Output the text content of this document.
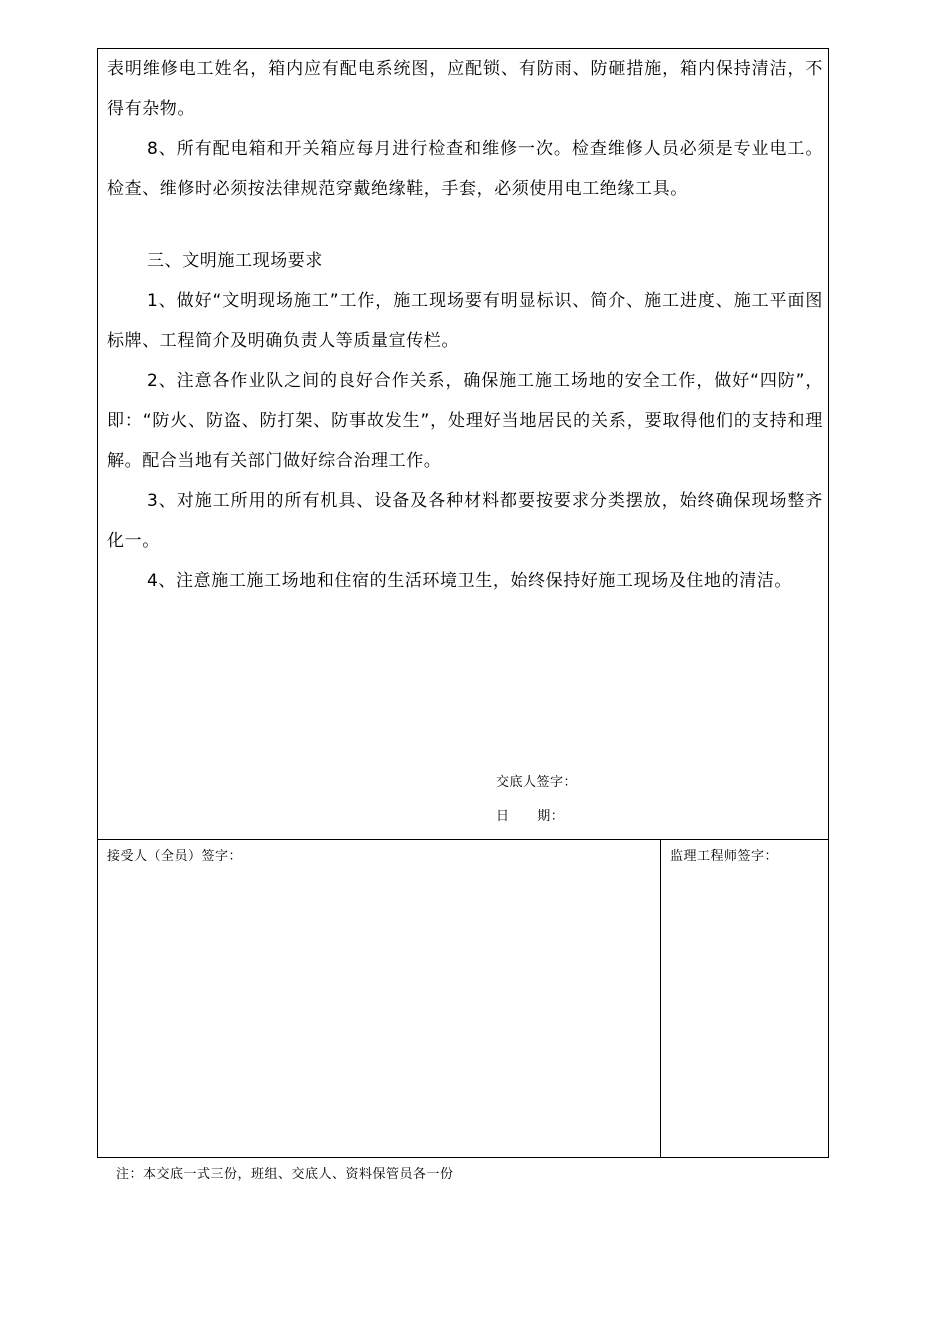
表明维修电工姓名，箱内应有配电系统图，应配锁、有防雨、防砸措施，箱内保持清洁，不得有杂物。

8、所有配电箱和开关箱应每月进行检查和维修一次。检查维修人员必须是专业电工。检查、维修时必须按法律规范穿戴绝缘鞋，手套，必须使用电工绝缘工具。

三、文明施工现场要求

1、做好“文明现场施工”工作，施工现场要有明显标识、简介、施工进度、施工平面图标牌、工程简介及明确负责人等质量宣传栏。

2、注意各作业队之间的良好合作关系，确保施工施工场地的安全工作，做好“四防”，即：“防火、防盗、防打架、防事故发生”，处理好当地居民的关系，要取得他们的支持和理解。配合当地有关部门做好综合治理工作。

3、对施工所用的所有机具、设备及各种材料都要按要求分类摆放，始终确保现场整齐化一。

4、注意施工施工场地和住宿的生活环境卫生，始终保持好施工现场及住地的清洁。

交底人签字：
日      期：
接受人（全员）签字：	监理工程师签字：
注：本交底一式三份，班组、交底人、资料保管员各一份
